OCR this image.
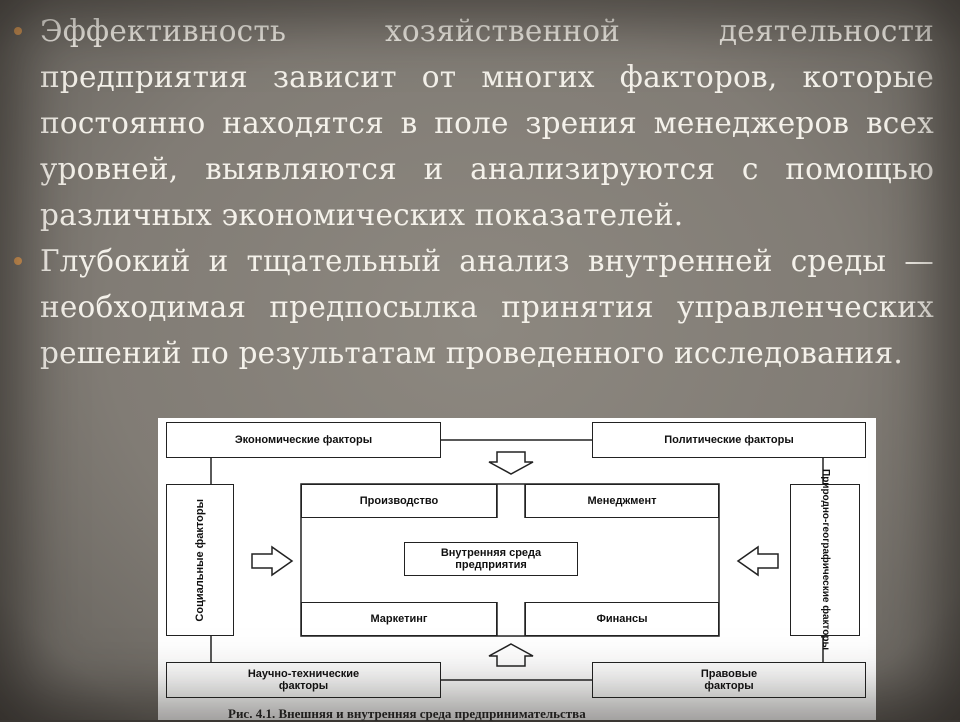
Эффективность хозяйственной деятельности предприятия зависит от многих факторов, которые постоянно находятся в поле зрения менеджеров всех уровней, выявляются и анализируются с помощью различных экономических показателей.
Глубокий и тщательный анализ внутренней среды — необходимая предпосылка принятия управленческих решений по результатам проведенного исследования.
Экономические факторы	Политические факторы
Социальные факторы	Природно-географические факторы
Производство	Менеджмент
Внутренняя среда предприятия
Маркетинг	Финансы
Научно-технические факторы
Правовые факторы
Рис. 4.1. Внешняя и внутренняя среда предпринимательства
